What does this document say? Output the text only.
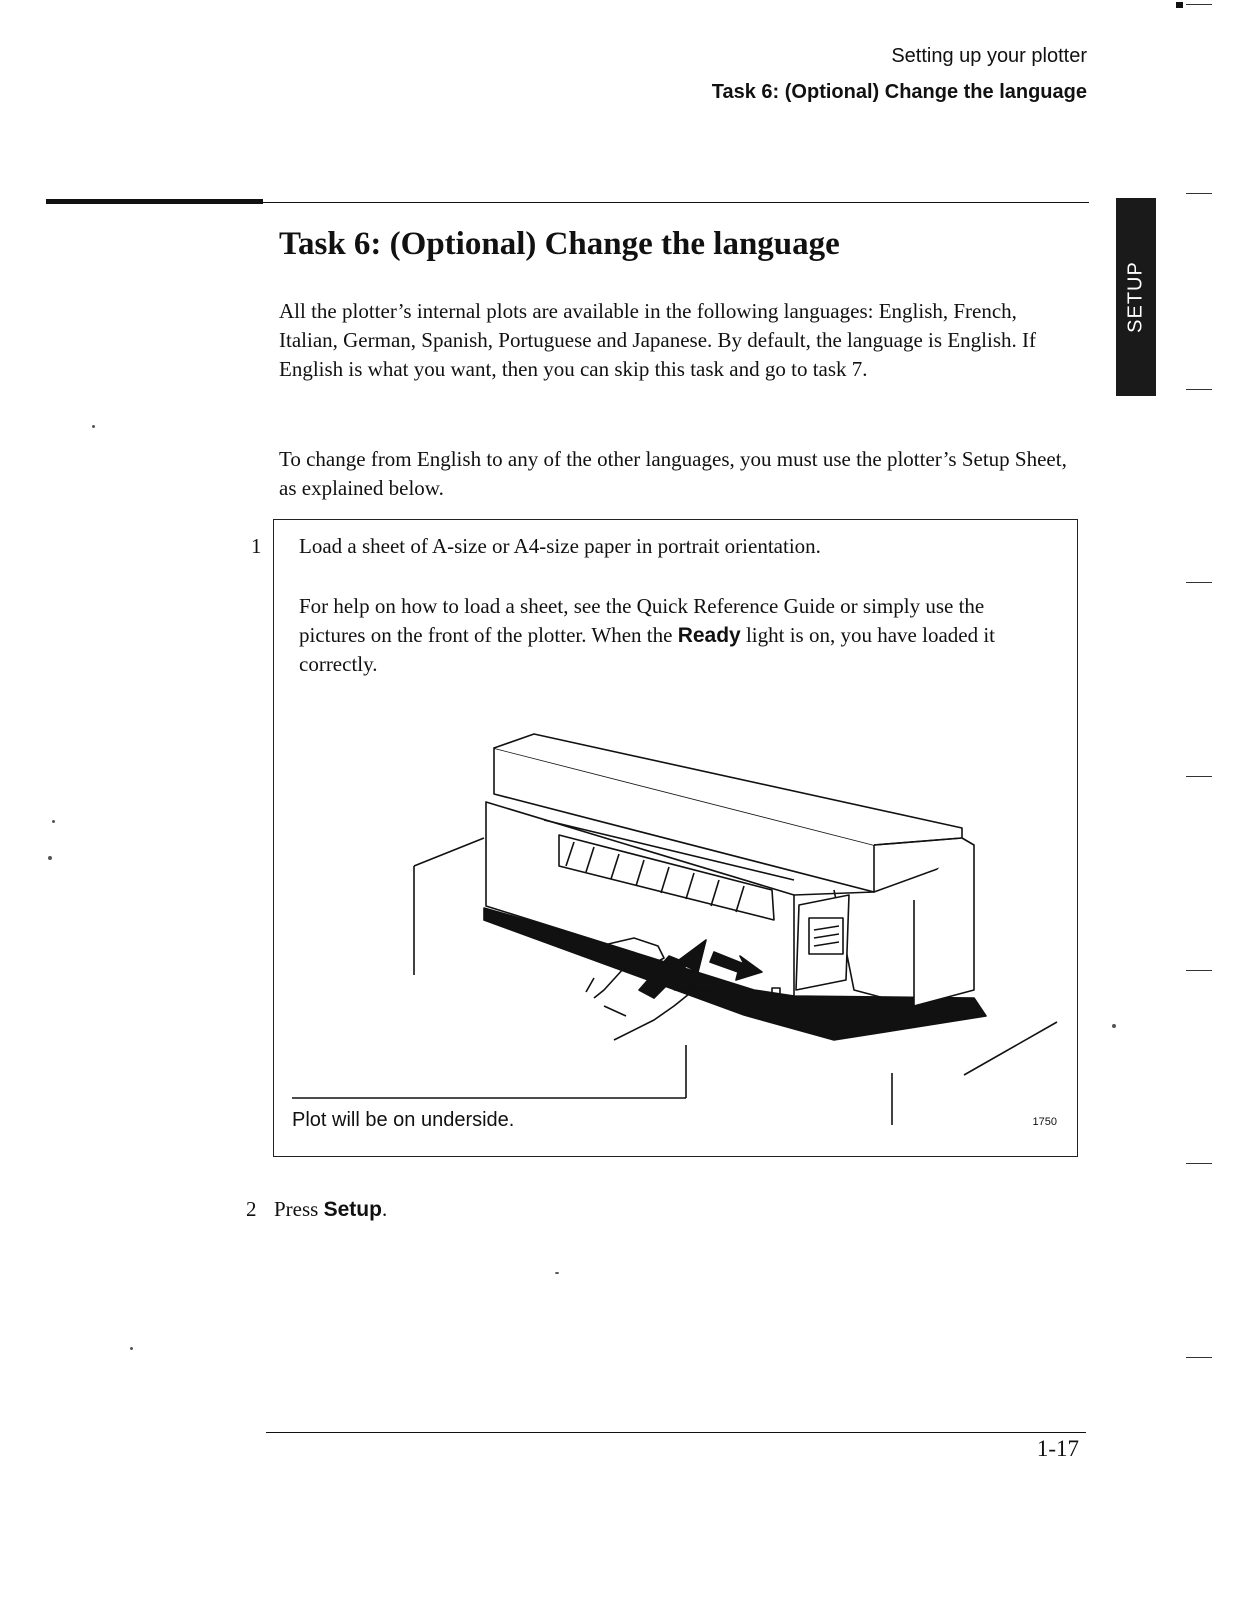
Setting up your plotter
Task 6: (Optional) Change the language
SETUP
Task 6: (Optional) Change the language

All the plotter’s internal plots are available in the following languages: English, French, Italian, German, Spanish, Portuguese and Japanese. By default, the language is English. If English is what you want, then you can skip this task and go to task 7.

To change from English to any of the other languages, you must use the plotter’s Setup Sheet, as explained below.

1 Load a sheet of A-size or A4-size paper in portrait orientation.

For help on how to load a sheet, see the Quick Reference Guide or simply use the pictures on the front of the plotter. When the Ready light is on, you have loaded it correctly.

Plot will be on underside.	1750
2 Press Setup.

1-17
